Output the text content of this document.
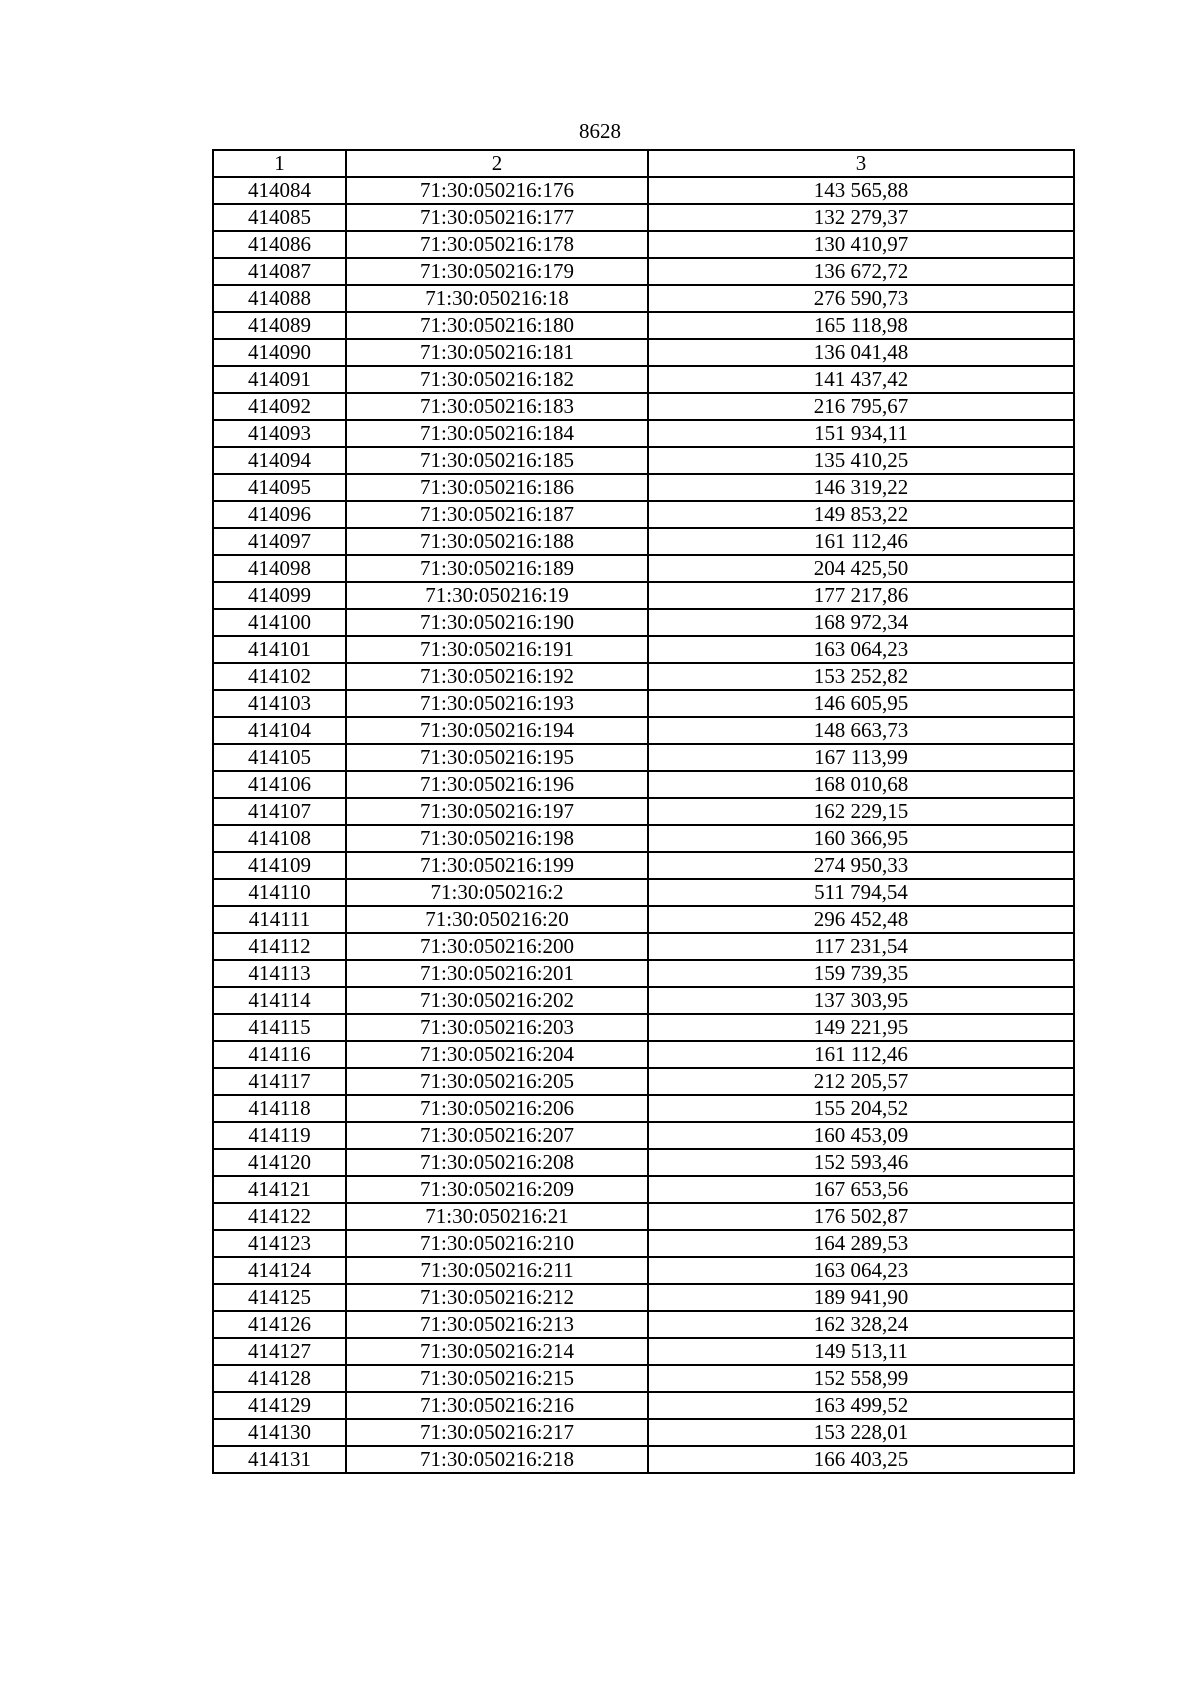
8628
1	2	3
414084	71:30:050216:176	143 565,88
414085	71:30:050216:177	132 279,37
414086	71:30:050216:178	130 410,97
414087	71:30:050216:179	136 672,72
414088	71:30:050216:18	276 590,73
414089	71:30:050216:180	165 118,98
414090	71:30:050216:181	136 041,48
414091	71:30:050216:182	141 437,42
414092	71:30:050216:183	216 795,67
414093	71:30:050216:184	151 934,11
414094	71:30:050216:185	135 410,25
414095	71:30:050216:186	146 319,22
414096	71:30:050216:187	149 853,22
414097	71:30:050216:188	161 112,46
414098	71:30:050216:189	204 425,50
414099	71:30:050216:19	177 217,86
414100	71:30:050216:190	168 972,34
414101	71:30:050216:191	163 064,23
414102	71:30:050216:192	153 252,82
414103	71:30:050216:193	146 605,95
414104	71:30:050216:194	148 663,73
414105	71:30:050216:195	167 113,99
414106	71:30:050216:196	168 010,68
414107	71:30:050216:197	162 229,15
414108	71:30:050216:198	160 366,95
414109	71:30:050216:199	274 950,33
414110	71:30:050216:2	511 794,54
414111	71:30:050216:20	296 452,48
414112	71:30:050216:200	117 231,54
414113	71:30:050216:201	159 739,35
414114	71:30:050216:202	137 303,95
414115	71:30:050216:203	149 221,95
414116	71:30:050216:204	161 112,46
414117	71:30:050216:205	212 205,57
414118	71:30:050216:206	155 204,52
414119	71:30:050216:207	160 453,09
414120	71:30:050216:208	152 593,46
414121	71:30:050216:209	167 653,56
414122	71:30:050216:21	176 502,87
414123	71:30:050216:210	164 289,53
414124	71:30:050216:211	163 064,23
414125	71:30:050216:212	189 941,90
414126	71:30:050216:213	162 328,24
414127	71:30:050216:214	149 513,11
414128	71:30:050216:215	152 558,99
414129	71:30:050216:216	163 499,52
414130	71:30:050216:217	153 228,01
414131	71:30:050216:218	166 403,25
